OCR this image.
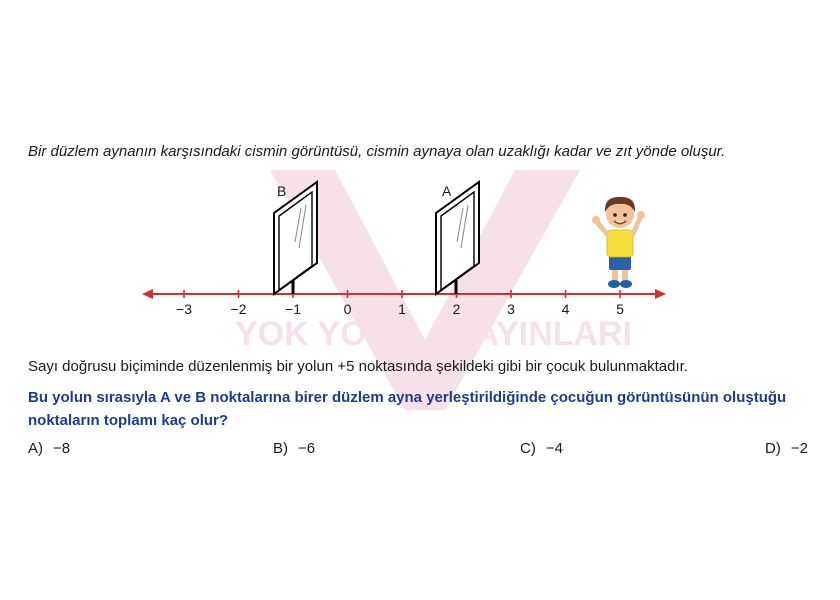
YOK YOK YAYINLARI
Bir düzlem aynanın karşısındaki cismin görüntüsü, cismin aynaya olan uzaklığı kadar ve zıt yönde oluşur.
−3	−2	−1	0	1	2	3	4	5
B	A
Sayı doğrusu biçiminde düzenlenmiş bir yolun +5 noktasında şekildeki gibi bir çocuk bulunmaktadır.
Bu yolun sırasıyla A ve B noktalarına birer düzlem ayna yerleştirildiğinde çocuğun görüntüsünün oluştuğu noktaların toplamı kaç olur?
A) −8	B) −6	C) −4	D) −2
